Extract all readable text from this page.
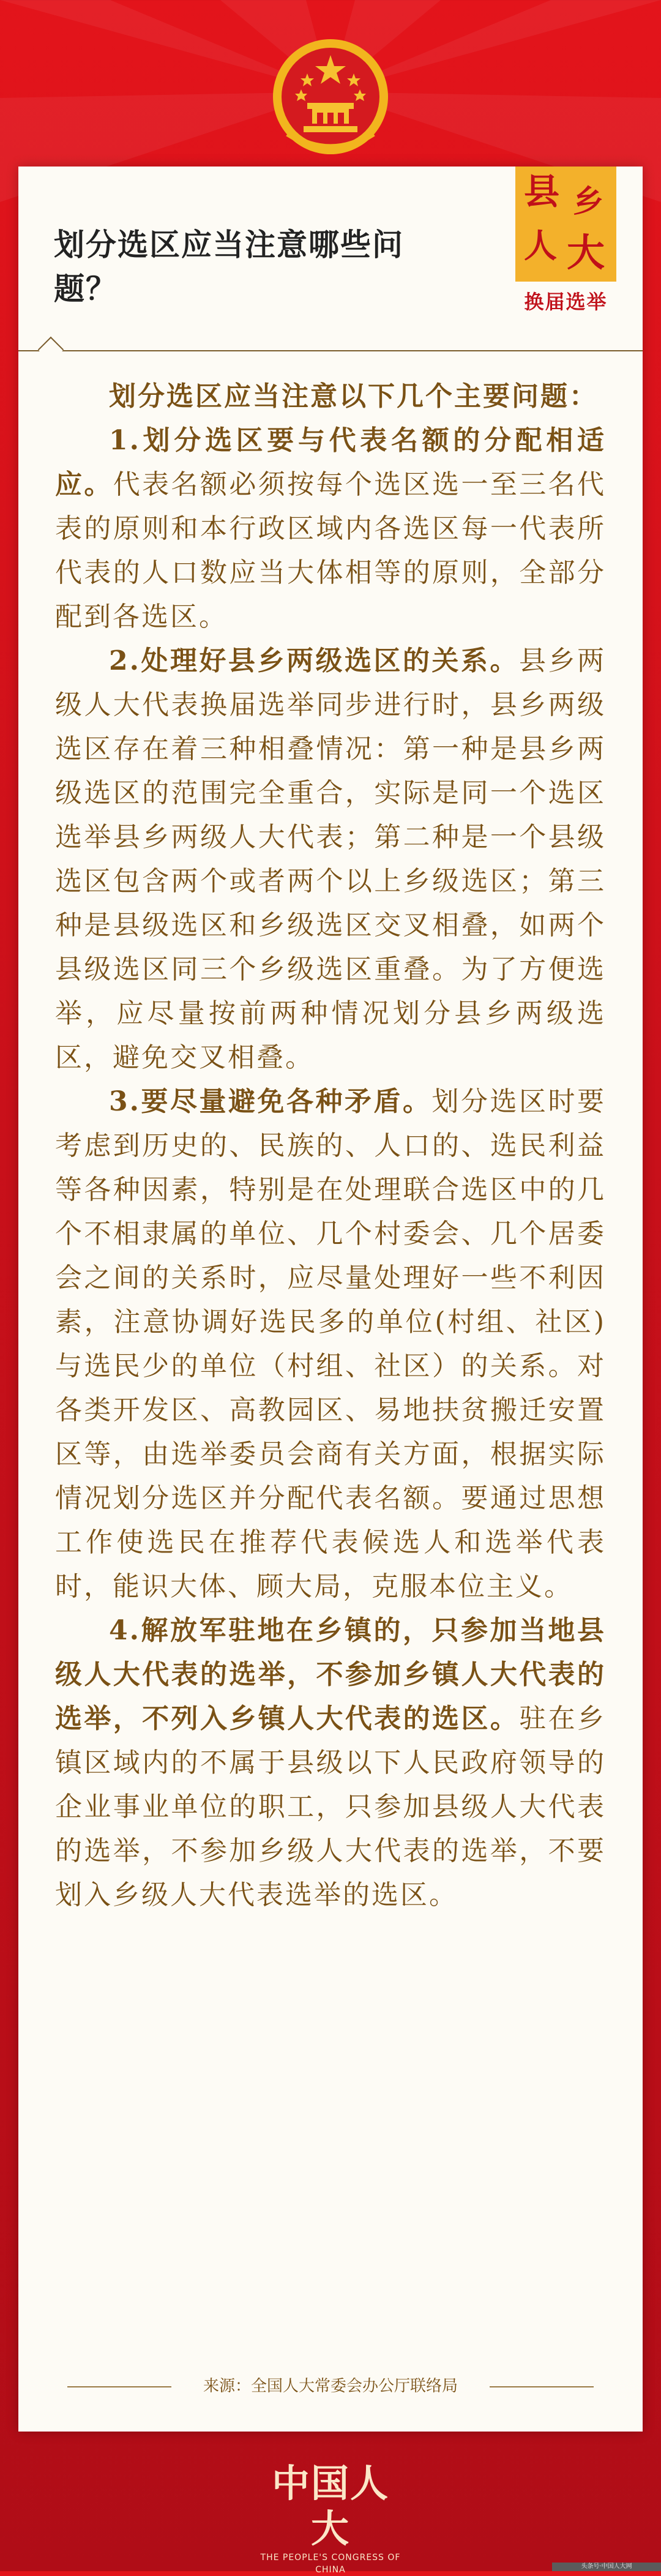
划分选区应当注意哪些问题？
县 乡
人 大
换届选举

划分选区应当注意以下几个主要问题：

1.划分选区要与代表名额的分配相适应。代表名额必须按每个选区选一至三名代表的原则和本行政区域内各选区每一代表所代表的人口数应当大体相等的原则，全部分配到各选区。

2.处理好县乡两级选区的关系。县乡两级人大代表换届选举同步进行时，县乡两级选区存在着三种相叠情况：第一种是县乡两级选区的范围完全重合，实际是同一个选区选举县乡两级人大代表；第二种是一个县级选区包含两个或者两个以上乡级选区；第三种是县级选区和乡级选区交叉相叠，如两个县级选区同三个乡级选区重叠。为了方便选举，应尽量按前两种情况划分县乡两级选区，避免交叉相叠。

3.要尽量避免各种矛盾。划分选区时要考虑到历史的、民族的、人口的、选民利益等各种因素，特别是在处理联合选区中的几个不相隶属的单位、几个村委会、几个居委会之间的关系时，应尽量处理好一些不利因素，注意协调好选民多的单位(村组、社区)与选民少的单位（村组、社区）的关系。对各类开发区、高教园区、易地扶贫搬迁安置区等，由选举委员会商有关方面，根据实际情况划分选区并分配代表名额。要通过思想工作使选民在推荐代表候选人和选举代表时，能识大体、顾大局，克服本位主义。

4.解放军驻地在乡镇的，只参加当地县级人大代表的选举，不参加乡镇人大代表的选举，不列入乡镇人大代表的选区。驻在乡镇区域内的不属于县级以下人民政府领导的企业事业单位的职工，只参加县级人大代表的选举，不参加乡级人大代表的选举，不要划入乡级人大代表选举的选区。

来源：全国人大常委会办公厅联络局
中国人大
THE PEOPLE'S CONGRESS OF CHINA	头条号·中国人大网
